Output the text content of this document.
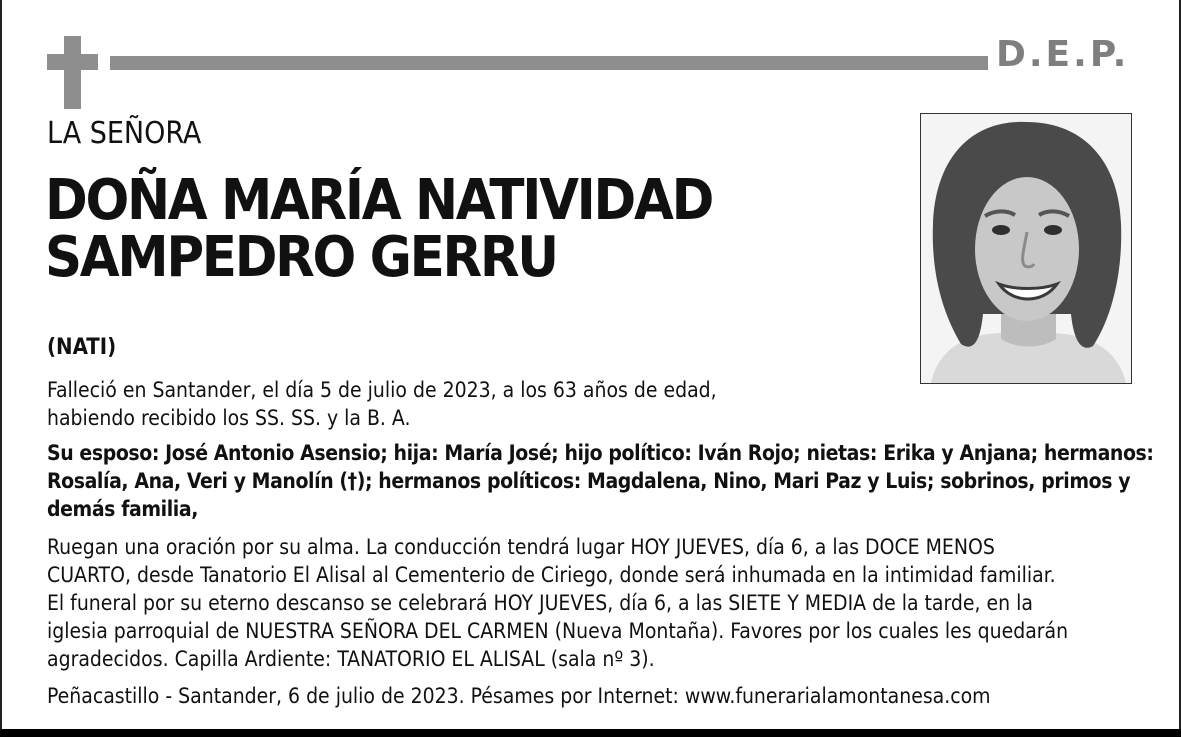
D.E.P.
LA SEÑORA
DOÑA MARÍA NATIVIDAD
SAMPEDRO GERRU
(NATI)
Falleció en Santander, el día 5 de julio de 2023, a los 63 años de edad,
habiendo recibido los SS. SS. y la B. A.
Su esposo: José Antonio Asensio; hija: María José; hijo político: Iván Rojo; nietas: Erika y Anjana; hermanos:
Rosalía, Ana, Veri y Manolín (†); hermanos políticos: Magdalena, Nino, Mari Paz y Luis; sobrinos, primos y
demás familia,
Ruegan una oración por su alma. La conducción tendrá lugar HOY JUEVES, día 6, a las DOCE MENOS
CUARTO, desde Tanatorio El Alisal al Cementerio de Ciriego, donde será inhumada en la intimidad familiar.
El funeral por su eterno descanso se celebrará HOY JUEVES, día 6, a las SIETE Y MEDIA de la tarde, en la
iglesia parroquial de NUESTRA SEÑORA DEL CARMEN (Nueva Montaña). Favores por los cuales les quedarán
agradecidos. Capilla Ardiente: TANATORIO EL ALISAL (sala nº 3).
Peñacastillo - Santander, 6 de julio de 2023. Pésames por Internet: www.funerarialamontanesa.com
